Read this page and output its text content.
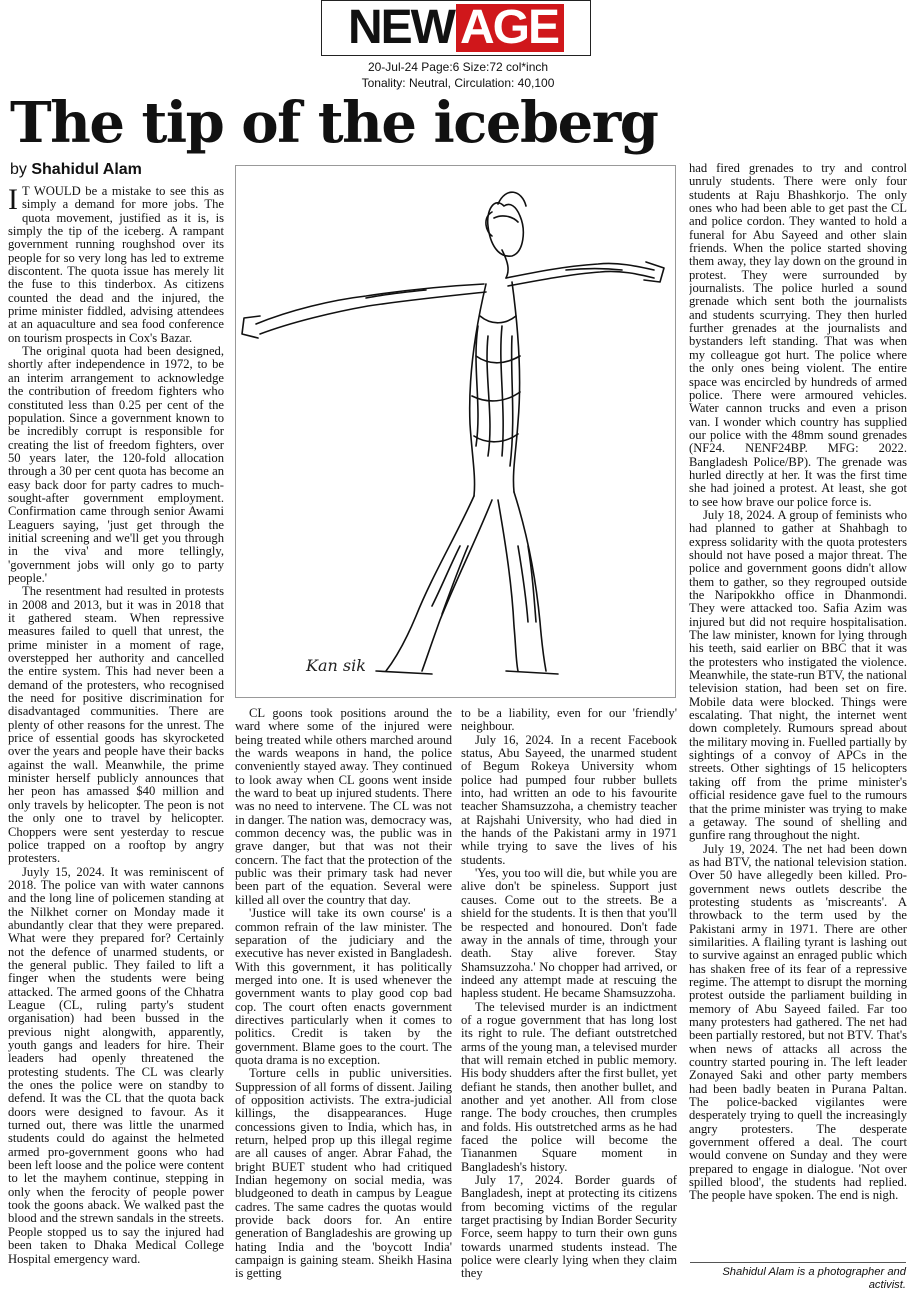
NEW AGE
20-Jul-24 Page:6 Size:72 col*inch
Tonality: Neutral, Circulation: 40,100
The tip of the iceberg
by Shahidul Alam

I T WOULD be a mistake to see this as simply a demand for more jobs. The quota movement, justified as it is, is simply the tip of the iceberg. A rampant government running roughshod over its people for so very long has led to extreme discontent. The quota issue has merely lit the fuse to this tinderbox. As citizens counted the dead and the injured, the prime minister fiddled, advising attendees at an aquaculture and sea food conference on tourism prospects in Cox's Bazar.

The original quota had been designed, shortly after independence in 1972, to be an interim arrangement to acknowledge the contribution of freedom fighters who constituted less than 0.25 per cent of the population. Since a government known to be incredibly corrupt is responsible for creating the list of freedom fighters, over 50 years later, the 120-fold allocation through a 30 per cent quota has become an easy back door for party cadres to much-sought-after government employment. Confirmation came through senior Awami Leaguers saying, 'just get through the initial screening and we'll get you through in the viva' and more tellingly, 'government jobs will only go to party people.'

The resentment had resulted in protests in 2008 and 2013, but it was in 2018 that it gathered steam. When repressive measures failed to quell that unrest, the prime minister in a moment of rage, overstepped her authority and cancelled the entire system. This had never been a demand of the protesters, who recognised the need for positive discrimination for disadvantaged communities. There are plenty of other reasons for the unrest. The price of essential goods has skyrocketed over the years and people have their backs against the wall. Meanwhile, the prime minister herself publicly announces that her peon has amassed $40 million and only travels by helicopter. The peon is not the only one to travel by helicopter. Choppers were sent yesterday to rescue police trapped on a rooftop by angry protesters.

Juyly 15, 2024. It was reminiscent of 2018. The police van with water cannons and the long line of policemen standing at the Nilkhet corner on Monday made it abundantly clear that they were prepared. What were they prepared for? Certainly not the defence of unarmed students, or the general public. They failed to lift a finger when the students were being attacked. The armed goons of the Chhatra League (CL, ruling party's student organisation) had been bussed in the previous night alongwith, apparently, youth gangs and leaders for hire. Their leaders had openly threatened the protesting students. The CL was clearly the ones the police were on standby to defend. It was the CL that the quota back doors were designed to favour. As it turned out, there was little the unarmed students could do against the helmeted armed pro-government goons who had been left loose and the police were content to let the mayhem continue, stepping in only when the ferocity of people power took the goons aback. We walked past the blood and the strewn sandals in the streets. People stopped us to say the injured had been taken to Dhaka Medical College Hospital emergency ward.

Kan sik

CL goons took positions around the ward where some of the injured were being treated while others marched around the wards weapons in hand, the police conveniently stayed away. They continued to look away when CL goons went inside the ward to beat up injured students. There was no need to intervene. The CL was not in danger. The nation was, democracy was, common decency was, the public was in grave danger, but that was not their concern. The fact that the protection of the public was their primary task had never been part of the equation. Several were killed all over the country that day.

'Justice will take its own course' is a common refrain of the law minister. The separation of the judiciary and the executive has never existed in Bangladesh. With this government, it has politically merged into one. It is used whenever the government wants to play good cop bad cop. The court often enacts government directives particularly when it comes to politics. Credit is taken by the government. Blame goes to the court. The quota drama is no exception.

Torture cells in public universities. Suppression of all forms of dissent. Jailing of opposition activists. The extra-judicial killings, the disappearances. Huge concessions given to India, which has, in return, helped prop up this illegal regime are all causes of anger. Abrar Fahad, the bright BUET student who had critiqued Indian hegemony on social media, was bludgeoned to death in campus by League cadres. The same cadres the quotas would provide back doors for. An entire generation of Bangladeshis are growing up hating India and the 'boycott India' campaign is gaining steam. Sheikh Hasina is getting

to be a liability, even for our 'friendly' neighbour.

July 16, 2024. In a recent Facebook status, Abu Sayeed, the unarmed student of Begum Rokeya University whom police had pumped four rubber bullets into, had written an ode to his favourite teacher Shamsuzzoha, a chemistry teacher at Rajshahi University, who had died in the hands of the Pakistani army in 1971 while trying to save the lives of his students.

'Yes, you too will die, but while you are alive don't be spineless. Support just causes. Come out to the streets. Be a shield for the students. It is then that you'll be respected and honoured. Don't fade away in the annals of time, through your death. Stay alive forever. Stay Shamsuzzoha.' No chopper had arrived, or indeed any attempt made at rescuing the hapless student. He became Shamsuzzoha.

The televised murder is an indictment of a rogue government that has long lost its right to rule. The defiant outstretched arms of the young man, a televised murder that will remain etched in public memory. His body shudders after the first bullet, yet defiant he stands, then another bullet, and another and yet another. All from close range. The body crouches, then crumples and folds. His outstretched arms as he had faced the police will become the Tiananmen Square moment in Bangladesh's history.

July 17, 2024. Border guards of Bangladesh, inept at protecting its citizens from becoming victims of the regular target practising by Indian Border Security Force, seem happy to turn their own guns towards unarmed students instead. The police were clearly lying when they claim they

had fired grenades to try and control unruly students. There were only four students at Raju Bhashkorjo. The only ones who had been able to get past the CL and police cordon. They wanted to hold a funeral for Abu Sayeed and other slain friends. When the police started shoving them away, they lay down on the ground in protest. They were surrounded by journalists. The police hurled a sound grenade which sent both the journalists and students scurrying. They then hurled further grenades at the journalists and bystanders left standing. That was when my colleague got hurt. The police where the only ones being violent. The entire space was encircled by hundreds of armed police. There were armoured vehicles. Water cannon trucks and even a prison van. I wonder which country has supplied our police with the 48mm sound grenades (NF24. NENF24BP. MFG: 2022. Bangladesh Police/BP). The grenade was hurled directly at her. It was the first time she had joined a protest. At least, she got to see how brave our police force is.

July 18, 2024. A group of feminists who had planned to gather at Shahbagh to express solidarity with the quota protesters should not have posed a major threat. The police and government goons didn't allow them to gather, so they regrouped outside the Naripokkho office in Dhanmondi. They were attacked too. Safia Azim was injured but did not require hospitalisation. The law minister, known for lying through his teeth, said earlier on BBC that it was the protesters who instigated the violence. Meanwhile, the state-run BTV, the national television station, had been set on fire. Mobile data were blocked. Things were escalating. That night, the internet went down completely. Rumours spread about the military moving in. Fuelled partially by sightings of a convoy of APCs in the streets. Other sightings of 15 helicopters taking off from the prime minister's official residence gave fuel to the rumours that the prime minister was trying to make a getaway. The sound of shelling and gunfire rang throughout the night.

July 19, 2024. The net had been down as had BTV, the national television station. Over 50 have allegedly been killed. Pro-government news outlets describe the protesting students as 'miscreants'. A throwback to the term used by the Pakistani army in 1971. There are other similarities. A flailing tyrant is lashing out to survive against an enraged public which has shaken free of its fear of a repressive regime. The attempt to disrupt the morning protest outside the parliament building in memory of Abu Sayeed failed. Far too many protesters had gathered. The net had been partially restored, but not BTV. That's when news of attacks all across the country started pouring in. The left leader Zonayed Saki and other party members had been badly beaten in Purana Paltan. The police-backed vigilantes were desperately trying to quell the increasingly angry protesters. The desperate government offered a deal. The court would convene on Sunday and they were prepared to engage in dialogue. 'Not over spilled blood', the students had replied. The people have spoken. The end is nigh.

Shahidul Alam is a photographer and activist.
